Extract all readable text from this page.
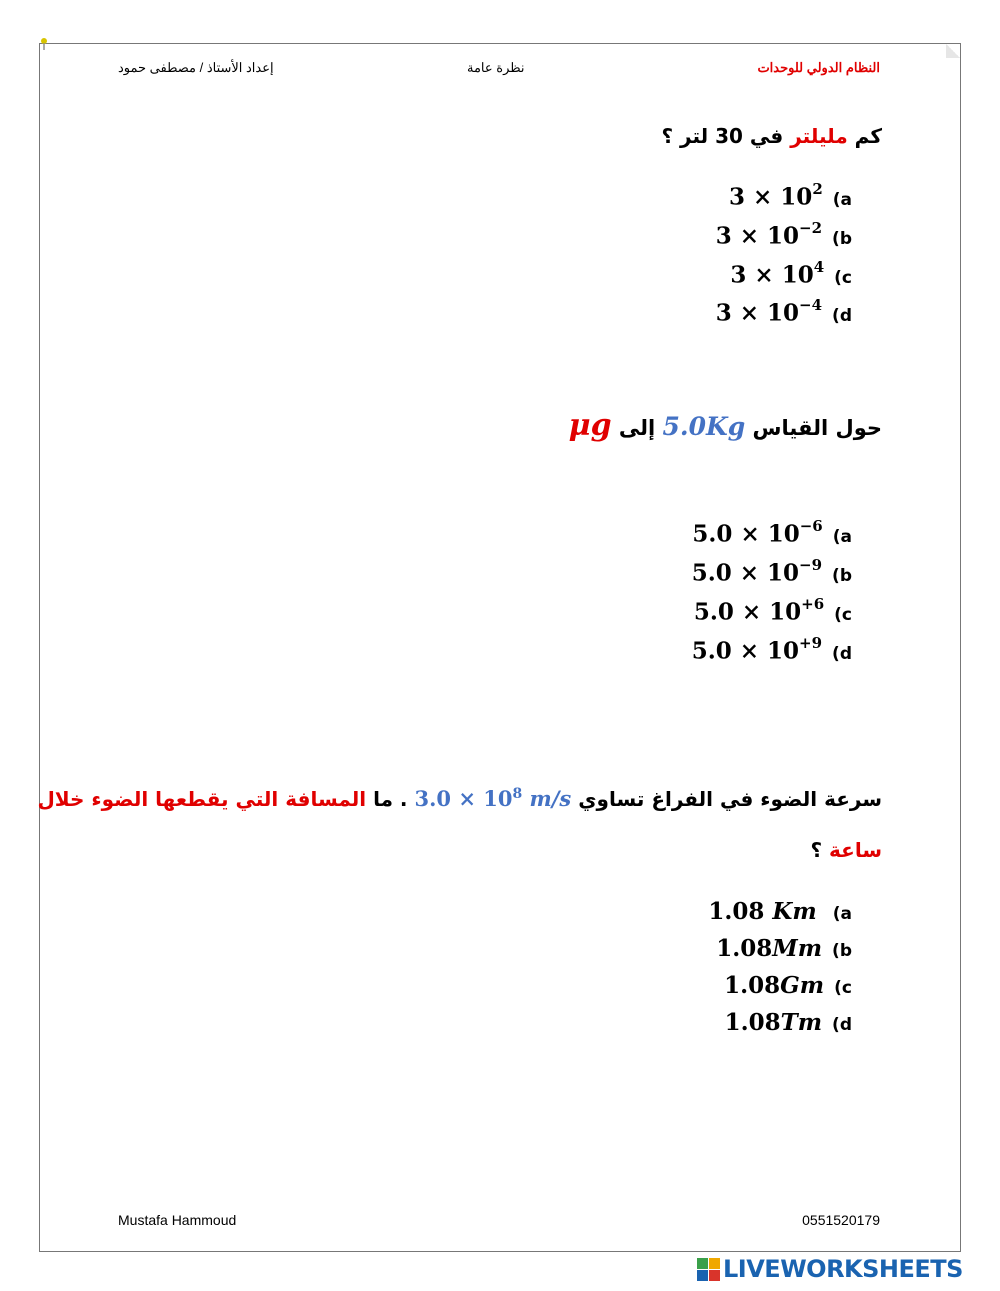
النظام الدولي للوحدات
نظرة عامة
إعداد الأستاذ / مصطفى حمود
كم مليلتر في 30 لتر ؟
$3 \times 10^2(a$
$3 \times 10^{-2}(b$
$3 \times 10^4(c$
$3 \times 10^{-4}(d$
حول القياس 5.0Kg إلى μg
$5.0 \times 10^{-6}(a$
$5.0 \times 10^{-9}(b$
$5.0 \times 10^{+6}(c$
$5.0 \times 10^{+9}(d$
سرعة الضوء في الفراغ تساوي $3.0 \times 10^8$ m/s . ما المسافة التي يقطعها الضوء خلال
ساعة ؟
1.08 Km (a
1.08Mm (b
1.08Gm (c
1.08Tm (d
Mustafa Hammoud	0551520179
LIVEWORKSHEETS
